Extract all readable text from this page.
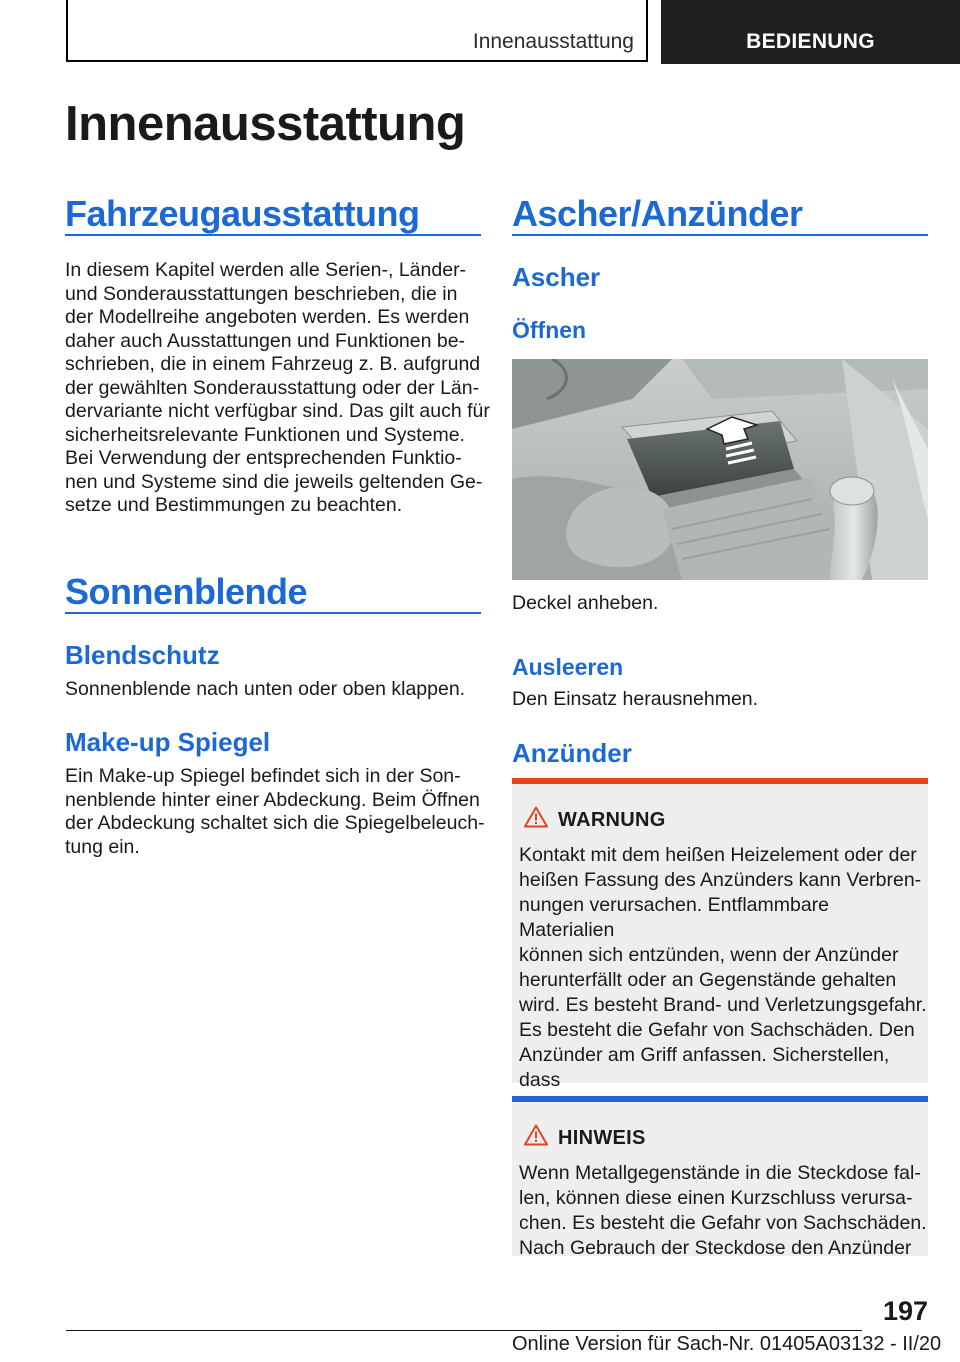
Innenausstattung	BEDIENUNG
Innenausstattung
Fahrzeugausstattung
In diesem Kapitel werden alle Serien-, Länder-
und Sonderausstattungen beschrieben, die in
der Modellreihe angeboten werden. Es werden
daher auch Ausstattungen und Funktionen be-
schrieben, die in einem Fahrzeug z. B. aufgrund
der gewählten Sonderausstattung oder der Län-
dervariante nicht verfügbar sind. Das gilt auch für
sicherheitsrelevante Funktionen und Systeme.
Bei Verwendung der entsprechenden Funktio-
nen und Systeme sind die jeweils geltenden Ge-
setze und Bestimmungen zu beachten.
Sonnenblende
Blendschutz
Sonnenblende nach unten oder oben klappen.
Make-up Spiegel
Ein Make-up Spiegel befindet sich in der Son-
nenblende hinter einer Abdeckung. Beim Öffnen
der Abdeckung schaltet sich die Spiegelbeleuch-
tung ein.
Ascher/Anzünder
Ascher
Öffnen
Deckel anheben.
Ausleeren
Den Einsatz herausnehmen.
Anzünder
WARNUNG
Kontakt mit dem heißen Heizelement oder der
heißen Fassung des Anzünders kann Verbren-
nungen verursachen. Entflammbare Materialien
können sich entzünden, wenn der Anzünder
herunterfällt oder an Gegenstände gehalten
wird. Es besteht Brand- und Verletzungsgefahr.
Es besteht die Gefahr von Sachschäden. Den
Anzünder am Griff anfassen. Sicherstellen, dass
HINWEIS
Wenn Metallgegenstände in die Steckdose fal-
len, können diese einen Kurzschluss verursa-
chen. Es besteht die Gefahr von Sachschäden.
Nach Gebrauch der Steckdose den Anzünder
197
Online Version für Sach-Nr. 01405A03132 - II/20
